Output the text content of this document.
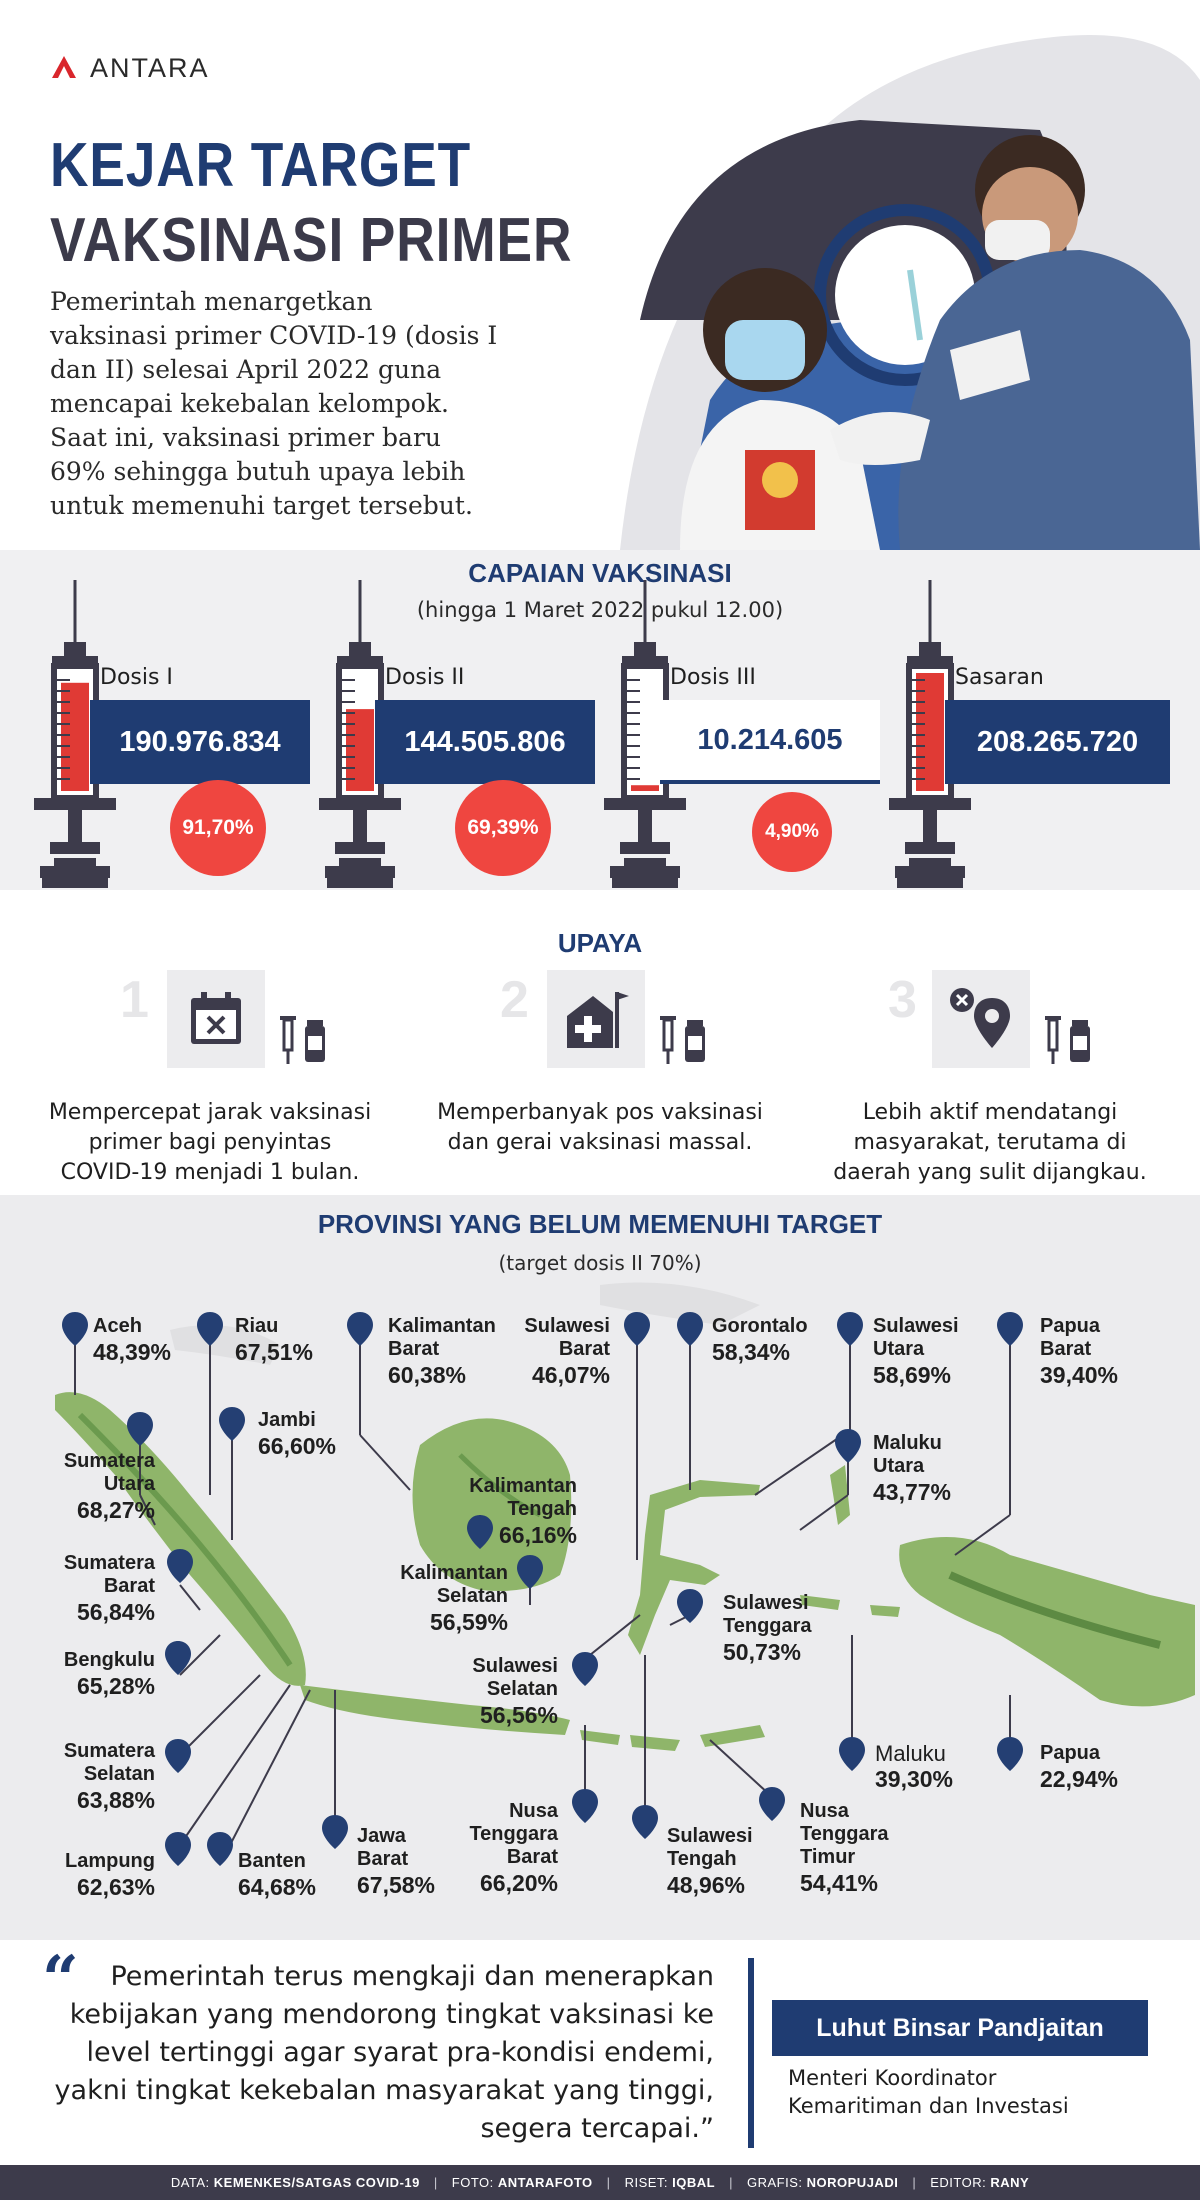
ANTARA
KEJAR TARGET
VAKSINASI PRIMER
Pemerintah menargetkan
vaksinasi primer COVID-19 (dosis I
dan II) selesai April 2022 guna
mencapai kekebalan kelompok.
Saat ini, vaksinasi primer baru
69% sehingga butuh upaya lebih
untuk memenuhi target tersebut.
CAPAIAN VAKSINASI
(hingga 1 Maret 2022 pukul 12.00)
Dosis I
190.976.834
91,70%
Dosis II
144.505.806
69,39%
Dosis III
10.214.605
4,90%
Sasaran
208.265.720
UPAYA
1
Mempercepat jarak vaksinasi
primer bagi penyintas
COVID-19 menjadi 1 bulan.
2
Memperbanyak pos vaksinasi
dan gerai vaksinasi massal.
3
Lebih aktif mendatangi
masyarakat, terutama di
daerah yang sulit dijangkau.
PROVINSI YANG BELUM MEMENUHI TARGET
(target dosis II 70%)
Aceh
48,39%
Riau
67,51%
Jambi
66,60%
Kalimantan
Barat
60,38%
Sulawesi
Barat
46,07%
Gorontalo
58,34%
Sulawesi
Utara
58,69%
Papua
Barat
39,40%
Sumatera
Utara
68,27%
Kalimantan
Tengah
66,16%
Maluku
Utara
43,77%
Sumatera
Barat
56,84%
Kalimantan
Selatan
56,59%
Sulawesi
Tenggara
50,73%
Bengkulu
65,28%
Sulawesi
Selatan
56,56%
Sumatera
Selatan
63,88%
Maluku
39,30%
Papua
22,94%
Lampung
62,63%
Banten
64,68%
Jawa
Barat
67,58%
Nusa
Tenggara
Barat
66,20%
Sulawesi
Tengah
48,96%
Nusa
Tenggara
Timur
54,41%
“	Pemerintah terus mengkaji dan menerapkan
kebijakan yang mendorong tingkat vaksinasi ke
level tertinggi agar syarat pra-kondisi endemi,
yakni tingkat kekebalan masyarakat yang tinggi,
segera tercapai.”
Luhut Binsar Pandjaitan
Menteri Koordinator
Kemaritiman dan Investasi
DATA: KEMENKES/SATGAS COVID-19 | FOTO: ANTARAFOTO | RISET: IQBAL | GRAFIS: NOROPUJADI | EDITOR: RANY
